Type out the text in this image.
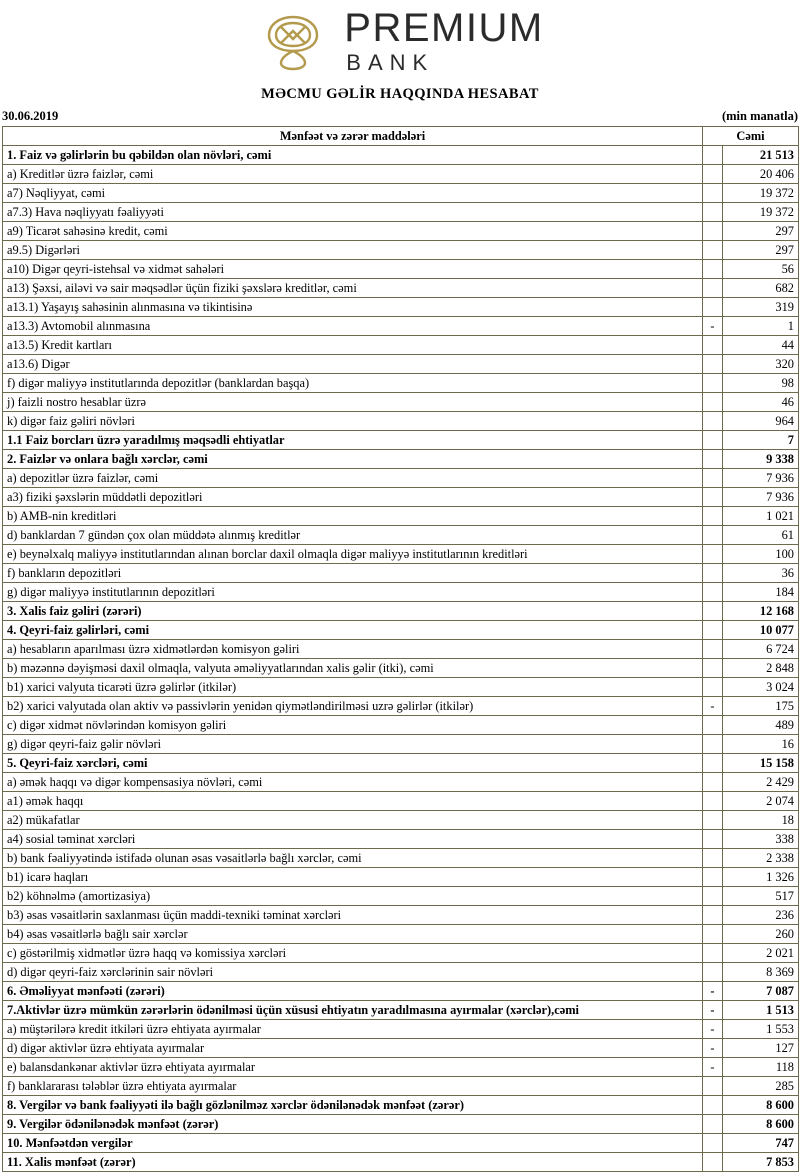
PREMIUM
BANK
MƏCMU GƏLİR HAQQINDA HESABAT
30.06.2019	(min manatla)
Mənfəət və zərər maddələri	Cəmi	
1. Faiz və gəlirlərin bu qəbildən olan növləri, cəmi		21 513
a) Kreditlər üzrə faizlər, cəmi		20 406
a7) Nəqliyyat, cəmi		19 372
a7.3) Hava nəqliyyatı fəaliyyəti		19 372
a9) Ticarət sahəsinə kredit, cəmi		297
a9.5) Digərləri		297
a10) Digər qeyri-istehsal və xidmət sahələri		56
a13) Şəxsi, ailəvi və sair məqsədlər üçün fiziki şəxslərə kreditlər, cəmi		682
a13.1) Yaşayış sahəsinin alınmasına və tikintisinə		319
a13.3) Avtomobil alınmasına	-	1
a13.5) Kredit kartları		44
a13.6) Digər		320
f) digər maliyyə institutlarında depozitlər (banklardan başqa)		98
j) faizli nostro hesablar üzrə		46
k) digər faiz gəliri növləri		964
1.1 Faiz borcları üzrə yaradılmış məqsədli ehtiyatlar		7
2. Faizlər və onlara bağlı xərclər, cəmi		9 338
a) depozitlər üzrə faizlər, cəmi		7 936
a3) fiziki şəxslərin müddətli depozitləri		7 936
b) AMB-nin kreditləri		1 021
d) banklardan 7 gündən çox olan müddətə alınmış kreditlər		61
e) beynəlxalq maliyyə institutlarından alınan borclar daxil olmaqla digər maliyyə institutlarının kreditləri		100
f) bankların depozitləri		36
g) digər maliyyə institutlarının depozitləri		184
3. Xalis faiz gəliri (zərəri)		12 168
4. Qeyri-faiz gəlirləri, cəmi		10 077
a) hesabların aparılması üzrə xidmətlərdən komisyon gəliri		6 724
b) məzənnə dəyişməsi daxil olmaqla, valyuta əməliyyatlarından xalis gəlir (itki), cəmi		2 848
b1) xarici valyuta ticarəti üzrə gəlirlər (itkilər)		3 024
b2) xarici valyutada olan aktiv və passivlərin yenidən qiymətləndirilməsi uzrə gəlirlər (itkilər)	-	175
c) digər xidmət növlərindən komisyon gəliri		489
g) digər qeyri-faiz gəlir növləri		16
5. Qeyri-faiz xərcləri, cəmi		15 158
a) əmək haqqı və digər kompensasiya növləri, cəmi		2 429
a1) əmək haqqı		2 074
a2) mükafatlar		18
a4) sosial təminat xərcləri		338
b) bank fəaliyyətində istifadə olunan əsas vəsaitlərlə bağlı xərclər, cəmi		2 338
b1) icarə haqları		1 326
b2) köhnəlmə (amortizasiya)		517
b3) əsas vəsaitlərin saxlanması üçün maddi-texniki təminat xərcləri		236
b4) əsas vəsaitlərlə bağlı sair xərclər		260
c) göstərilmiş xidmətlər üzrə haqq və komissiya xərcləri		2 021
d) digər qeyri-faiz xərclərinin sair növləri		8 369
6. Əməliyyat mənfəəti (zərəri)	-	7 087
7.Aktivlər üzrə mümkün zərərlərin ödənilməsi üçün xüsusi ehtiyatın yaradılmasına ayırmalar (xərclər),cəmi	-	1 513
a) müştərilərə kredit itkiləri üzrə ehtiyata ayırmalar	-	1 553
d) digər aktivlər üzrə ehtiyata ayırmalar	-	127
e) balansdankənar aktivlər üzrə ehtiyata ayırmalar	-	118
f) banklararası tələblər üzrə ehtiyata ayırmalar		285
8. Vergilər və bank fəaliyyəti ilə bağlı gözlənilməz xərclər ödənilənədək mənfəət (zərər)		8 600
9. Vergilər ödənilənədək mənfəət (zərər)		8 600
10. Mənfəətdən vergilər		747
11. Xalis mənfəət (zərər)		7 853
